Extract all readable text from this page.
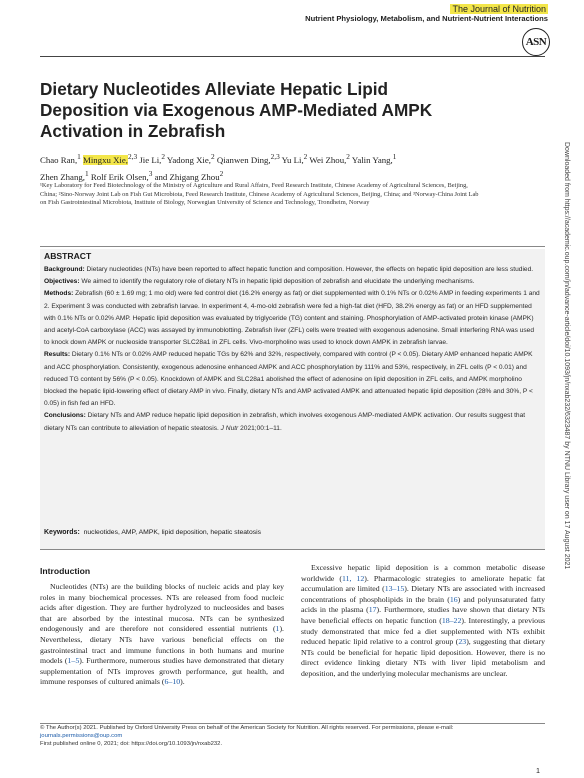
The Journal of Nutrition
Nutrient Physiology, Metabolism, and Nutrient-Nutrient Interactions
ASN
Dietary Nucleotides Alleviate Hepatic Lipid Deposition via Exogenous AMP-Mediated AMPK Activation in Zebrafish
Chao Ran,$^1$ Mingxu Xie,$^{2,3}$ Jie Li,$^2$ Yadong Xie,$^2$ Qianwen Ding,$^{2,3}$ Yu Li,$^2$ Wei Zhou,$^2$ Yalin Yang,$^1$
Zhen Zhang,$^1$ Rolf Erik Olsen,$^3$ and Zhigang Zhou$^2$
¹Key Laboratory for Feed Biotechnology of the Ministry of Agriculture and Rural Affairs, Feed Research Institute, Chinese Academy of Agricultural Sciences, Beijing, China; ²Sino-Norway Joint Lab on Fish Gut Microbiota, Feed Research Institute, Chinese Academy of Agricultural Sciences, Beijing, China; and ³Norway-China Joint Lab on Fish Gastrointestinal Microbiota, Institute of Biology, Norwegian University of Science and Technology, Trondheim, Norway
ABSTRACT

Background: Dietary nucleotides (NTs) have been reported to affect hepatic function and composition. However, the effects on hepatic lipid deposition are less studied.

Objectives: We aimed to identify the regulatory role of dietary NTs in hepatic lipid deposition of zebrafish and elucidate the underlying mechanisms.

Methods: Zebrafish (60 ± 1.69 mg; 1 mo old) were fed control diet (16.2% energy as fat) or diet supplemented with 0.1% NTs or 0.02% AMP in feeding experiments 1 and 2. Experiment 3 was conducted with zebrafish larvae. In experiment 4, 4-mo-old zebrafish were fed a high-fat diet (HFD, 38.2% energy as fat) or an HFD supplemented with 0.1% NTs or 0.02% AMP. Hepatic lipid deposition was evaluated by triglyceride (TG) content and staining. Phosphorylation of AMP-activated protein kinase (AMPK) and acetyl-CoA carboxylase (ACC) was assayed by immunoblotting. Zebrafish liver (ZFL) cells were treated with exogenous adenosine. Small interfering RNA was used to knock down AMPK or nucleoside transporter SLC28a1 in ZFL cells. Vivo-morpholino was used to knock down AMPK in zebrafish larvae.

Results: Dietary 0.1% NTs or 0.02% AMP reduced hepatic TGs by 62% and 32%, respectively, compared with control (P < 0.05). Dietary AMP enhanced hepatic AMPK and ACC phosphorylation. Consistently, exogenous adenosine enhanced AMPK and ACC phosphorylation by 111% and 53%, respectively, in ZFL cells (P < 0.01) and reduced TG content by 56% (P < 0.05). Knockdown of AMPK and SLC28a1 abolished the effect of adenosine on lipid deposition in ZFL cells, and AMPK morpholino blocked the hepatic lipid-lowering effect of dietary AMP in vivo. Finally, dietary NTs and AMP activated AMPK and attenuated hepatic lipid deposition (28% and 30%, P < 0.05) in fish fed an HFD.

Conclusions: Dietary NTs and AMP reduce hepatic lipid deposition in zebrafish, which involves exogenous AMP-mediated AMPK activation. Our results suggest that dietary NTs can contribute to alleviation of hepatic steatosis. J Nutr 2021;00:1–11.

Keywords: nucleotides, AMP, AMPK, lipid deposition, hepatic steatosis
Introduction

Nucleotides (NTs) are the building blocks of nucleic acids and play key roles in many biochemical processes. NTs are released from food nucleic acids after digestion. They are further hydrolyzed to nucleosides and bases that are absorbed by the intestinal mucosa. NTs can be synthesized endogenously and are therefore not considered essential nutrients (1). Nevertheless, dietary NTs have various beneficial effects on the gastrointestinal tract and immune functions in both humans and murine models (1–5). Furthermore, numerous studies have demonstrated that dietary supplementation of NTs improves growth performance, gut health, and immune responses of cultured animals (6–10).

Excessive hepatic lipid deposition is a common metabolic disease worldwide (11, 12). Pharmacologic strategies to ameliorate hepatic fat accumulation are limited (13–15). Dietary NTs are associated with increased concentrations of phospholipids in the brain (16) and polyunsaturated fatty acids in the plasma (17). Furthermore, studies have shown that dietary NTs have beneficial effects on hepatic function (18–22). Interestingly, a previous study demonstrated that mice fed a diet supplemented with NTs exhibit reduced hepatic lipid relative to a control group (23), suggesting that dietary NTs could be beneficial for hepatic lipid deposition. However, there is no direct evidence linking dietary NTs with liver lipid metabolism and deposition, and the underlying molecular mechanisms are unclear.

© The Author(s) 2021. Published by Oxford University Press on behalf of the American Society for Nutrition. All rights reserved. For permissions, please e-mail:
journals.permissions@oup.com
First published online 0, 2021; doi: https://doi.org/10.1093/jn/nxab232.
1
Downloaded from https://academic.oup.com/jn/advance-article/doi/10.1093/jn/nxab232/6323487 by NTNU Library user on 17 August 2021
